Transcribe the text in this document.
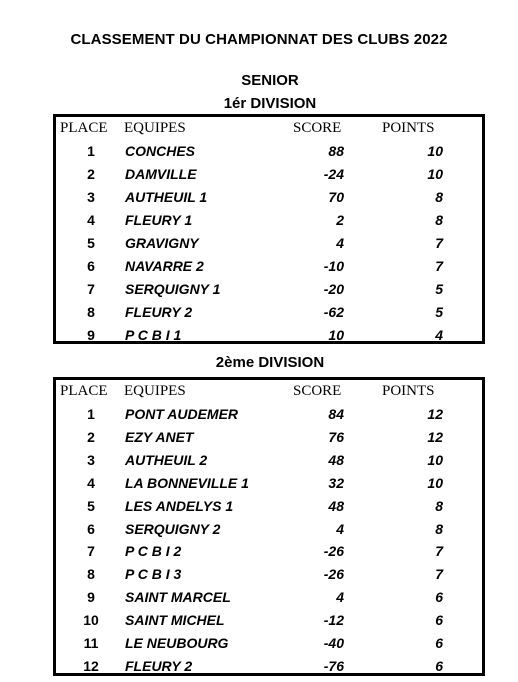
CLASSEMENT DU CHAMPIONNAT DES CLUBS 2022
SENIOR
1ér DIVISION
PLACE EQUIPES	SCORE	POINTS
1	CONCHES	88	10
2	DAMVILLE	-24	10
3	AUTHEUIL 1	70	8
4	FLEURY 1	2	8
5	GRAVIGNY	4	7
6	NAVARRE 2	-10	7
7	SERQUIGNY 1	-20	5
8	FLEURY 2	-62	5
9	P C B I 1	10	4
2ème DIVISION
PLACE EQUIPES	SCORE	POINTS
1	PONT AUDEMER	84	12
2	EZY ANET	76	12
3	AUTHEUIL 2	48	10
4	LA BONNEVILLE 1	32	10
5	LES ANDELYS 1	48	8
6	SERQUIGNY 2	4	8
7	P C B I 2	-26	7
8	P C B I 3	-26	7
9	SAINT MARCEL	4	6
10	SAINT MICHEL	-12	6
11	LE NEUBOURG	-40	6
12	FLEURY 2	-76	6
